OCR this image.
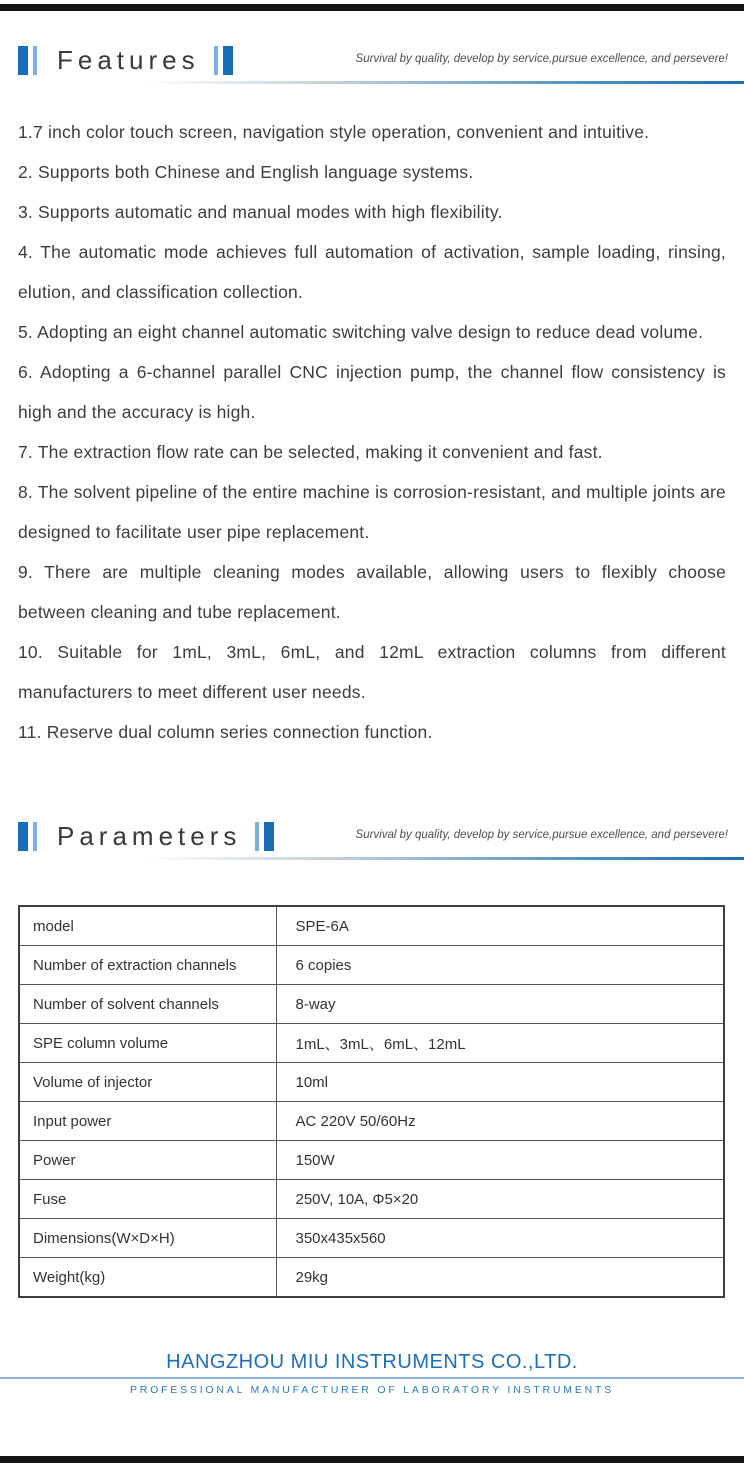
Features	Survival by quality, develop by service,pursue excellence, and persevere!

1.7 inch color touch screen, navigation style operation, convenient and intuitive.

2. Supports both Chinese and English language systems.

3. Supports automatic and manual modes with high flexibility.

4. The automatic mode achieves full automation of activation, sample loading, rinsing, elution, and classification collection.

5. Adopting an eight channel automatic switching valve design to reduce dead volume.

6. Adopting a 6-channel parallel CNC injection pump, the channel flow consistency is high and the accuracy is high.

7. The extraction flow rate can be selected, making it convenient and fast.

8. The solvent pipeline of the entire machine is corrosion-resistant, and multiple joints are designed to facilitate user pipe replacement.

9. There are multiple cleaning modes available, allowing users to flexibly choose between cleaning and tube replacement.

10. Suitable for 1mL, 3mL, 6mL, and 12mL extraction columns from different manufacturers to meet different user needs.

11. Reserve dual column series connection function.

Parameters	Survival by quality, develop by service,pursue excellence, and persevere!
model	SPE-6A
Number of extraction channels	6 copies
Number of solvent channels	8-way
SPE column volume	1mL、3mL、6mL、12mL
Volume of injector	10ml
Input power	AC 220V 50/60Hz
Power	150W
Fuse	250V, 10A, Φ5×20
Dimensions(W×D×H)	350x435x560
Weight(kg)	29kg
HANGZHOU MIU INSTRUMENTS CO.,LTD.
PROFESSIONAL MANUFACTURER OF LABORATORY INSTRUMENTS
